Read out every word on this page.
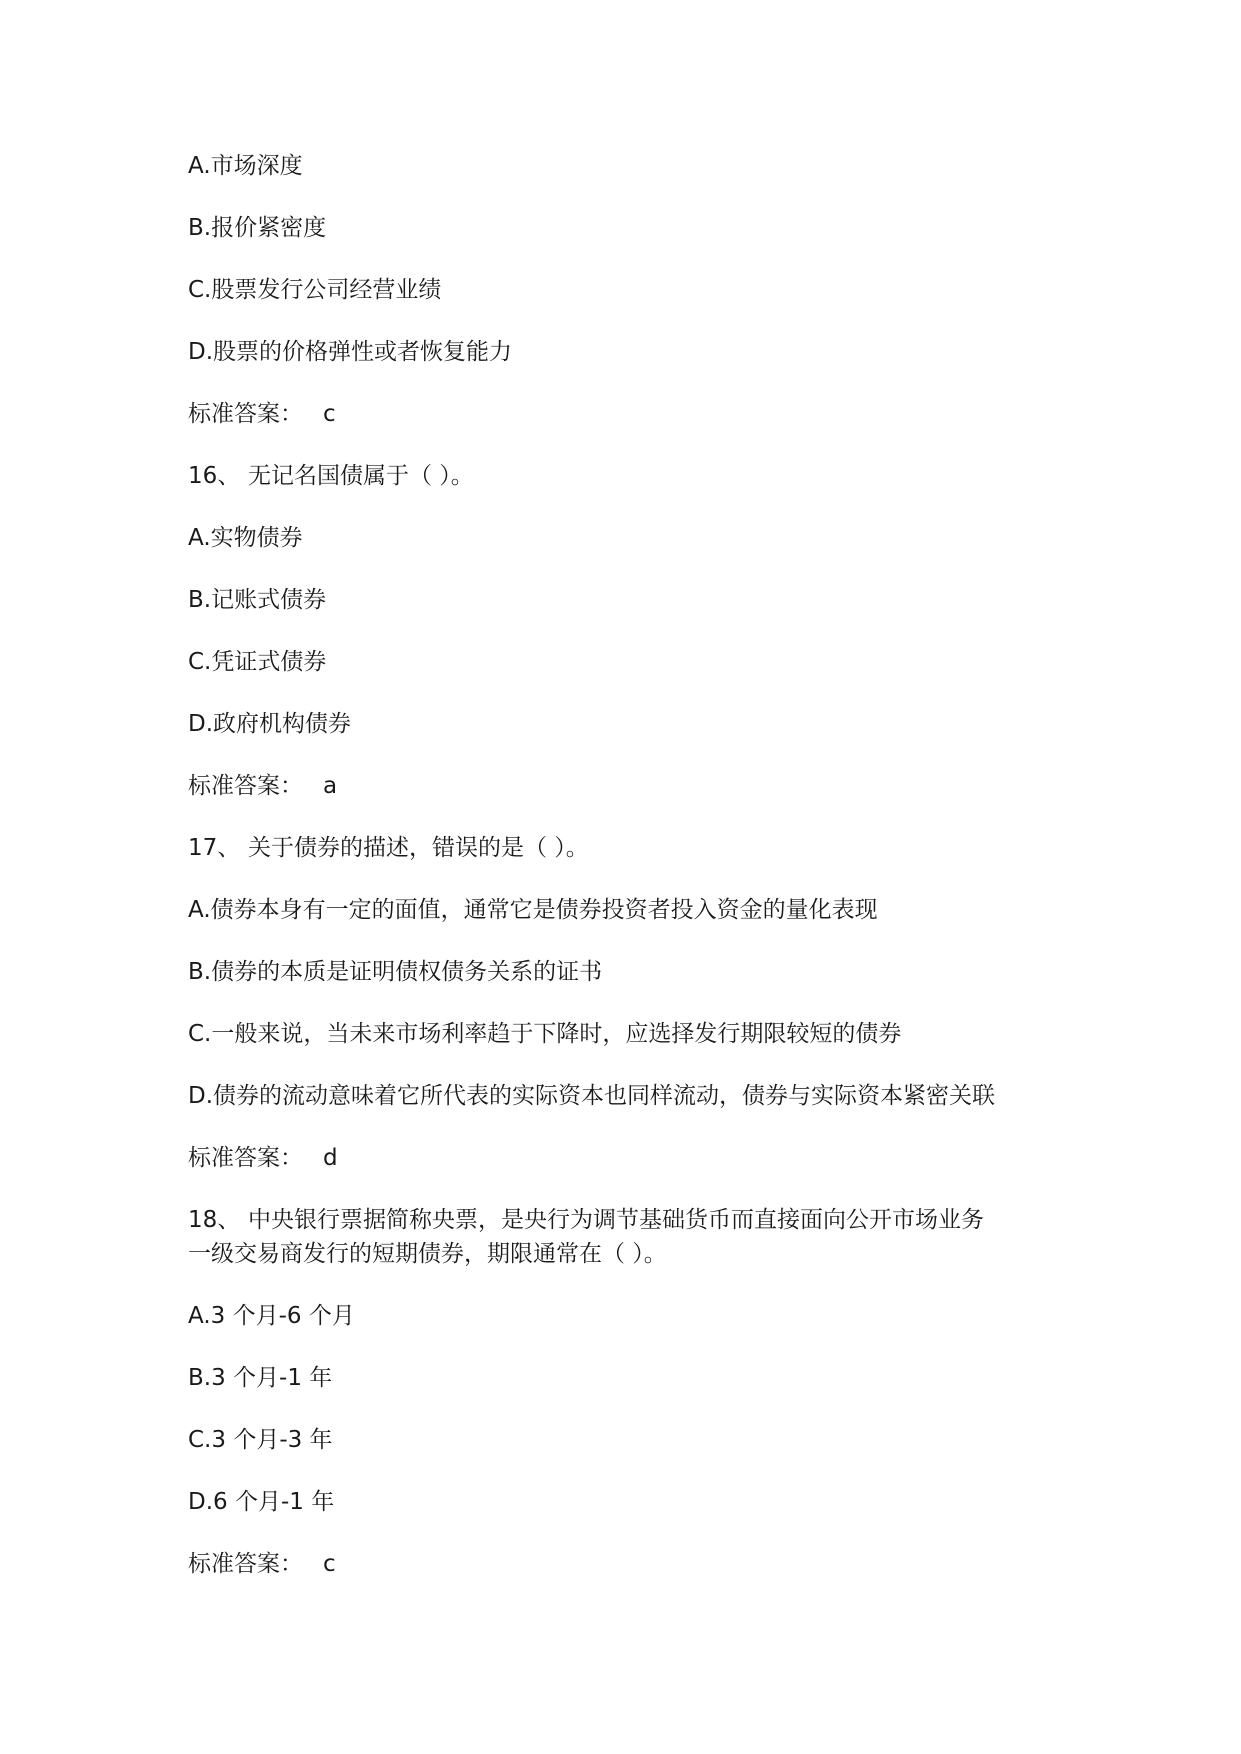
A.市场深度
B.报价紧密度
C.股票发行公司经营业绩
D.股票的价格弹性或者恢复能力
标准答案： c
16、 无记名国债属于（ ）。
A.实物债券
B.记账式债券
C.凭证式债券
D.政府机构债券
标准答案： a
17、 关于债券的描述，错误的是（ ）。
A.债券本身有一定的面值，通常它是债券投资者投入资金的量化表现
B.债券的本质是证明债权债务关系的证书
C.一般来说，当未来市场利率趋于下降时，应选择发行期限较短的债券
D.债券的流动意味着它所代表的实际资本也同样流动，债券与实际资本紧密关联
标准答案： d
18、 中央银行票据简称央票，是央行为调节基础货币而直接面向公开市场业务
一级交易商发行的短期债券，期限通常在（ ）。
A.3 个月-6 个月
B.3 个月-1 年
C.3 个月-3 年
D.6 个月-1 年
标准答案： c
